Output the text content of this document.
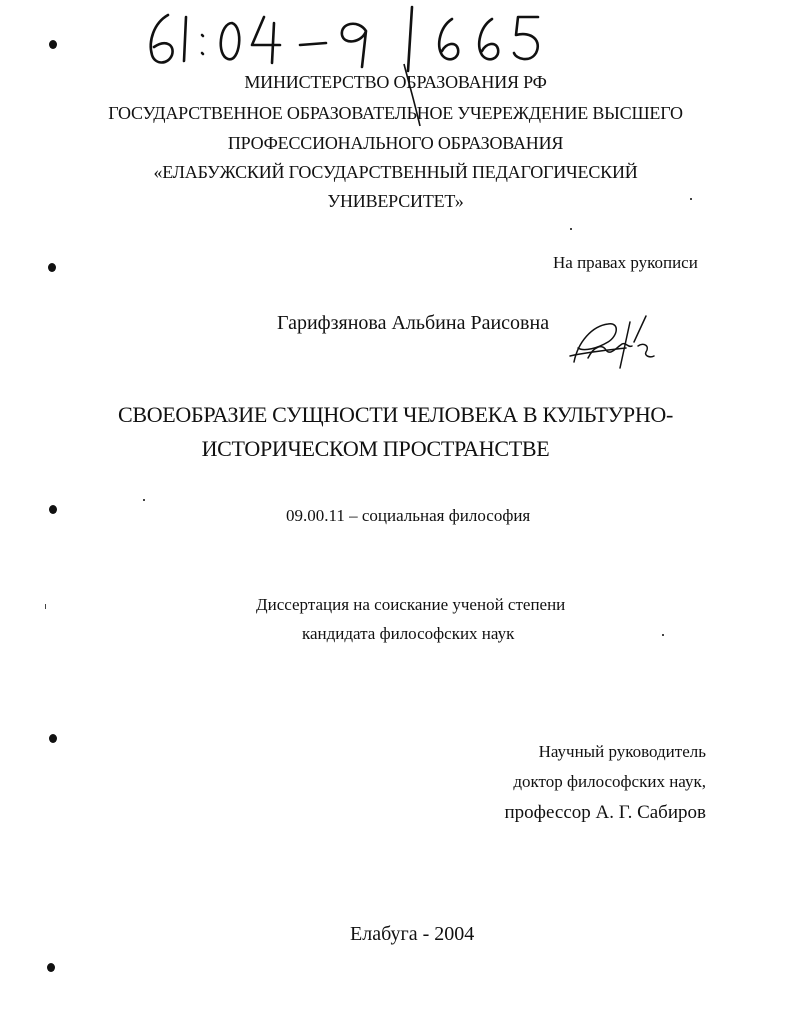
МИНИСТЕРСТВО ОБРАЗОВАНИЯ РФ
ГОСУДАРСТВЕННОЕ ОБРАЗОВАТЕЛЬНОЕ УЧЕРЕЖДЕНИЕ ВЫСШЕГО
ПРОФЕССИОНАЛЬНОГО ОБРАЗОВАНИЯ
«ЕЛАБУЖСКИЙ ГОСУДАРСТВЕННЫЙ ПЕДАГОГИЧЕСКИЙ
УНИВЕРСИТЕТ»
На правах рукописи
Гарифзянова Альбина Раисовна
СВОЕОБРАЗИЕ СУЩНОСТИ ЧЕЛОВЕКА В КУЛЬТУРНО-
ИСТОРИЧЕСКОМ ПРОСТРАНСТВЕ
09.00.11 – социальная философия
Диссертация на соискание ученой степени
кандидата философских наук
Научный руководитель
доктор философских наук,
профессор А. Г. Сабиров
Елабуга - 2004
